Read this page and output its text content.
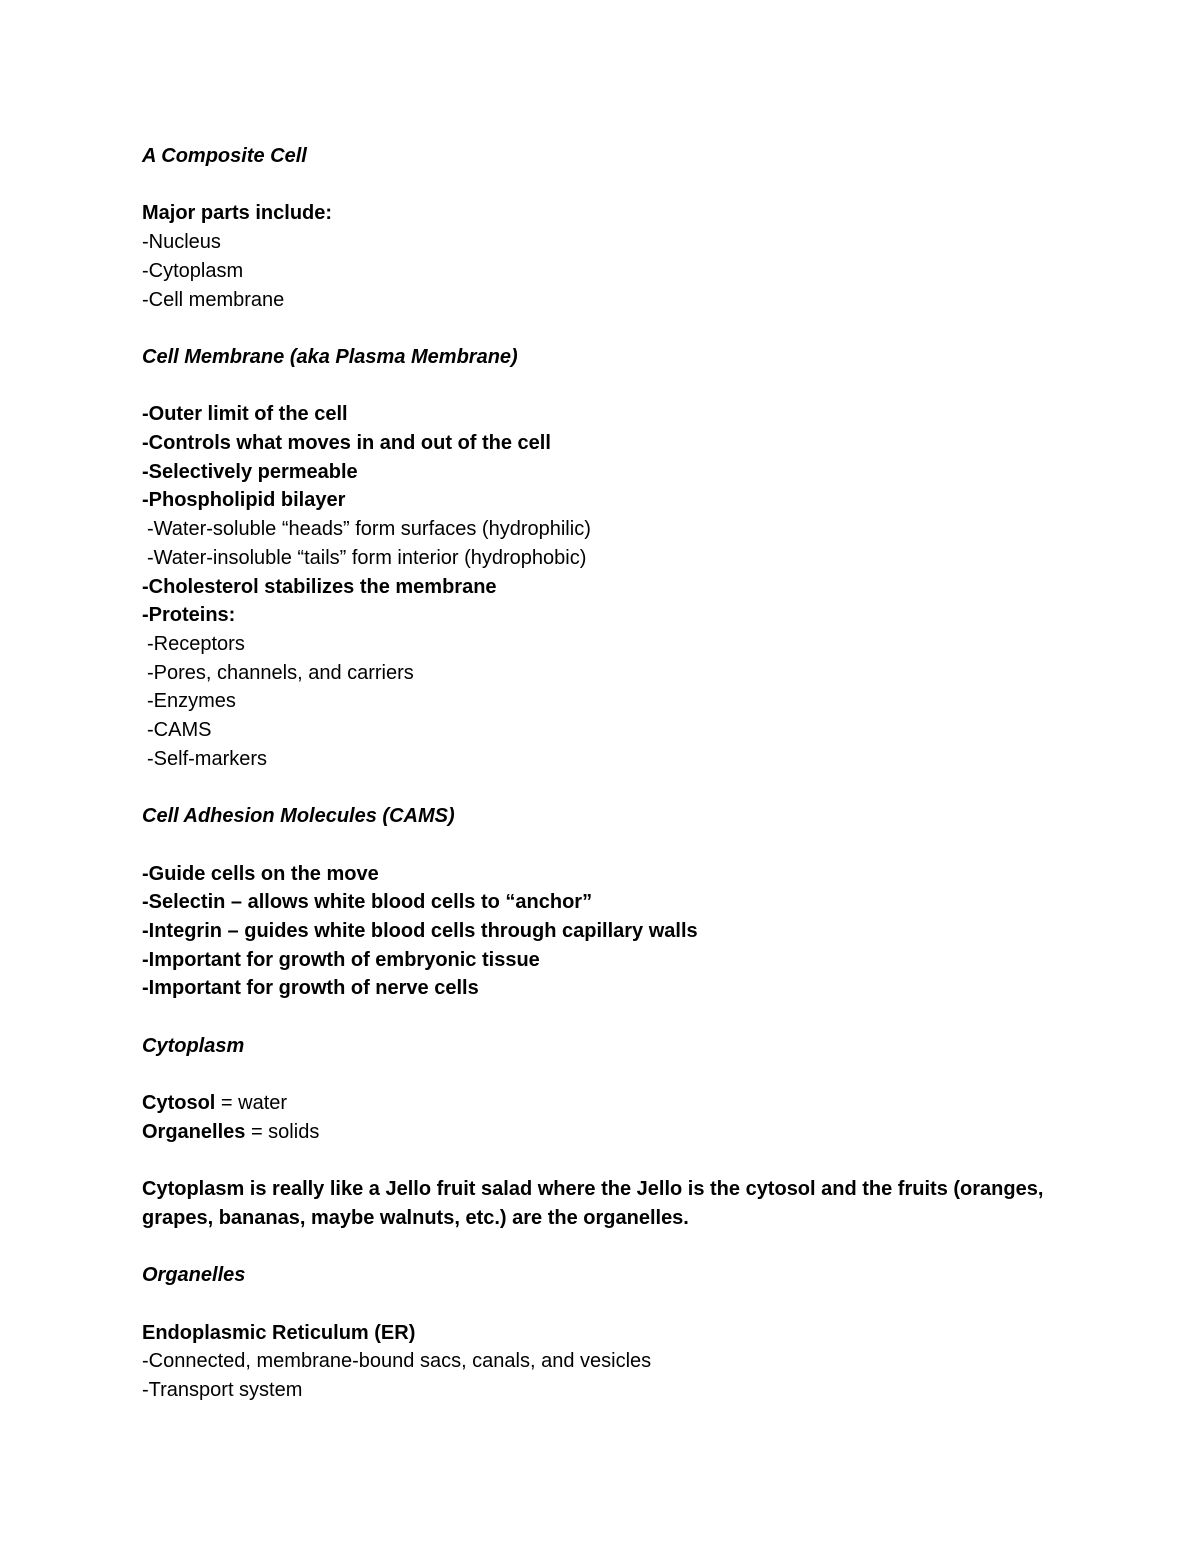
A Composite Cell
Major parts include:
-Nucleus
-Cytoplasm
-Cell membrane
Cell Membrane (aka Plasma Membrane)
-Outer limit of the cell
-Controls what moves in and out of the cell
-Selectively permeable
-Phospholipid bilayer
-Water-soluble “heads” form surfaces (hydrophilic)
-Water-insoluble “tails” form interior (hydrophobic)
-Cholesterol stabilizes the membrane
-Proteins:
-Receptors
-Pores, channels, and carriers
-Enzymes
-CAMS
-Self-markers
Cell Adhesion Molecules (CAMS)
-Guide cells on the move
-Selectin – allows white blood cells to “anchor”
-Integrin – guides white blood cells through capillary walls
-Important for growth of embryonic tissue
-Important for growth of nerve cells
Cytoplasm
Cytosol = water
Organelles = solids
Cytoplasm is really like a Jello fruit salad where the Jello is the cytosol and the fruits (oranges, grapes, bananas, maybe walnuts, etc.) are the organelles.
Organelles
Endoplasmic Reticulum (ER)
-Connected, membrane-bound sacs, canals, and vesicles
-Transport system
